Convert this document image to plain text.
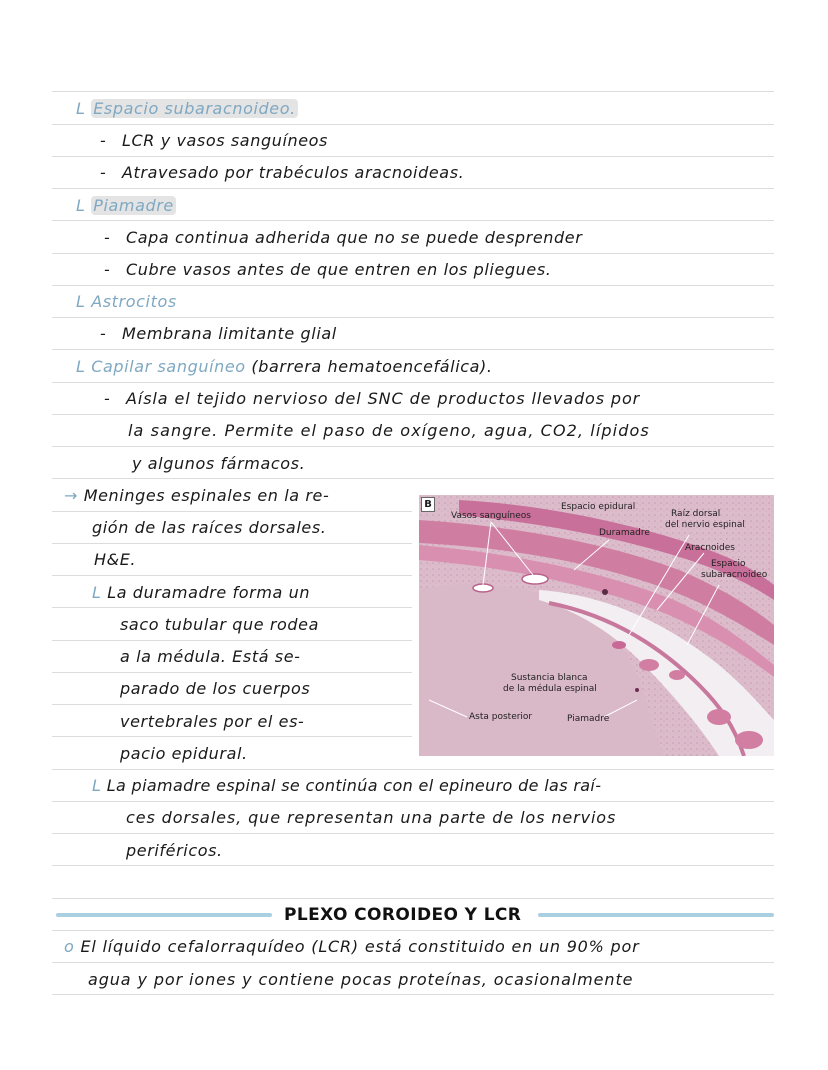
L Espacio subaracnoideo.
- LCR y vasos sanguíneos
- Atravesado por trabéculos aracnoideas.
L Piamadre
- Capa continua adherida que no se puede desprender
- Cubre vasos antes de que entren en los pliegues.
L Astrocitos
- Membrana limitante glial
L Capilar sanguíneo (barrera hematoencefálica).
- Aísla el tejido nervioso del SNC de productos llevados por
la sangre. Permite el paso de oxígeno, agua, CO2, lípidos
y algunos fármacos.
→ Meninges espinales en la re-
gión de las raíces dorsales.
H&E.
L La duramadre forma un
saco tubular que rodea
a la médula. Está se-
parado de los cuerpos
vertebrales por el es-
pacio epidural.
L La piamadre espinal se continúa con el epineuro de las raí-
ces dorsales, que representan una parte de los nervios
periféricos.
B
Vasos sanguíneos
Espacio epidural
Raíz dorsal
del nervio espinal
Duramadre
Aracnoides
Espacio
subaracnoideo
Sustancia blanca
de la médula espinal
Asta posterior	Piamadre
PLEXO COROIDEO Y LCR
o El líquido cefalorraquídeo (LCR) está constituido en un 90% por
agua y por iones y contiene pocas proteínas, ocasionalmente
